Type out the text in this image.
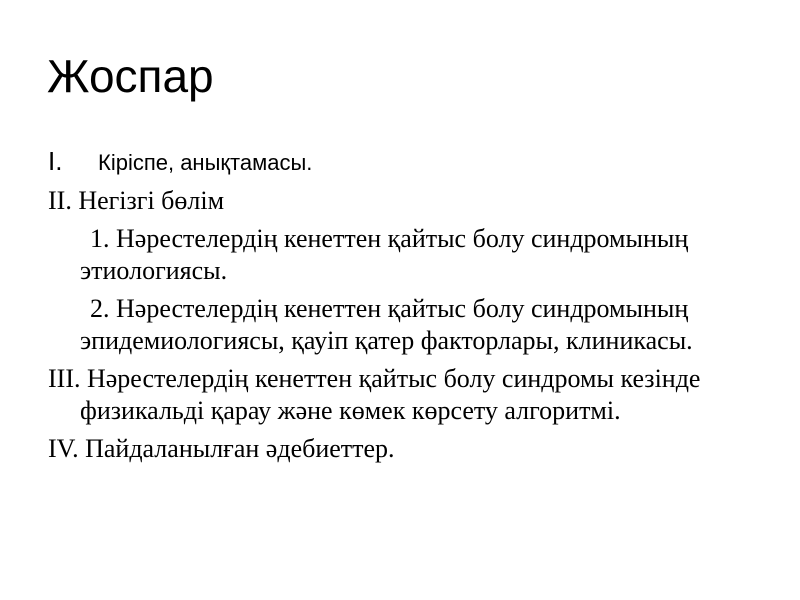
Жоспар
I. Кіріспе, анықтамасы.
II. Негізгі бөлім
1. Нәрестелердің кенеттен қайтыс болу синдромының этиологиясы.
2. Нәрестелердің кенеттен қайтыс болу синдромының эпидемиологиясы, қауіп қатер факторлары, клиникасы.
III. Нәрестелердің кенеттен қайтыс болу синдромы кезінде физикальді қарау және көмек көрсету алгоритмі.
IV. Пайдаланылған әдебиеттер.
